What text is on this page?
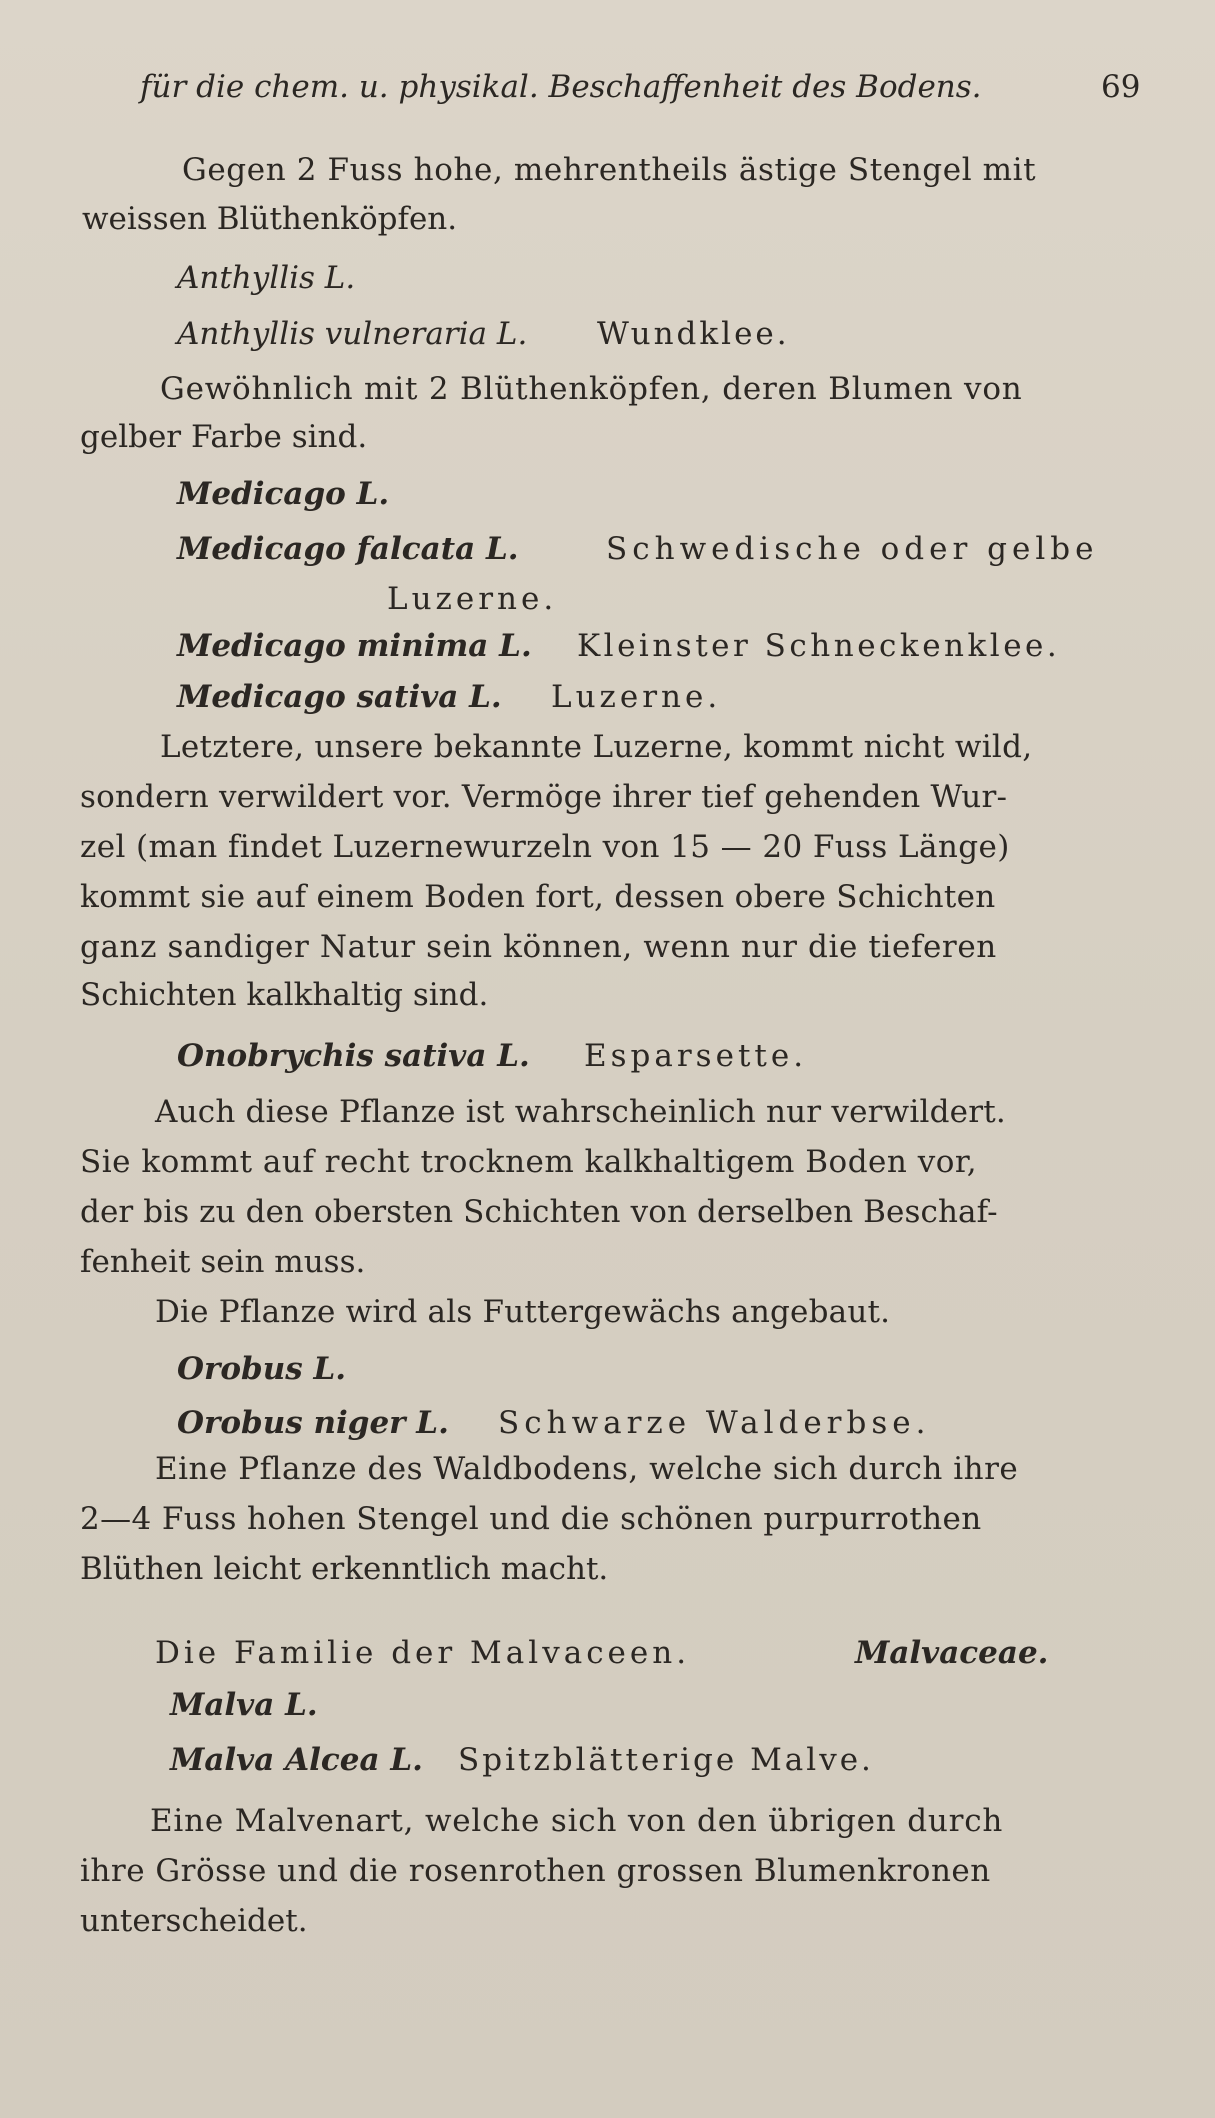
für die chem. u. physikal. Beschaffenheit des Bodens.	69
Gegen 2 Fuss hohe, mehrentheils ästige Stengel mit
weissen Blüthenköpfen.
Anthyllis L.
Anthyllis vulneraria L. Wundklee.
Gewöhnlich mit 2 Blüthenköpfen, deren Blumen von
gelber Farbe sind.
Medicago L.
Medicago falcata L.	Schwedische oder gelbe
Luzerne.
Medicago minima L. Kleinster Schneckenklee.
Medicago sativa L. Luzerne.
Letztere, unsere bekannte Luzerne, kommt nicht wild,
sondern verwildert vor. Vermöge ihrer tief gehenden Wur-
zel (man findet Luzernewurzeln von 15 — 20 Fuss Länge)
kommt sie auf einem Boden fort, dessen obere Schichten
ganz sandiger Natur sein können, wenn nur die tieferen
Schichten kalkhaltig sind.
Onobrychis sativa L. Esparsette.
Auch diese Pflanze ist wahrscheinlich nur verwildert.
Sie kommt auf recht trocknem kalkhaltigem Boden vor,
der bis zu den obersten Schichten von derselben Beschaf-
fenheit sein muss.
Die Pflanze wird als Futtergewächs angebaut.
Orobus L.
Orobus niger L. Schwarze Walderbse.
Eine Pflanze des Waldbodens, welche sich durch ihre
2—4 Fuss hohen Stengel und die schönen purpurrothen
Blüthen leicht erkenntlich macht.
Die Familie der Malvaceen.	Malvaceae.
Malva L.
Malva Alcea L. Spitzblätterige Malve.
Eine Malvenart, welche sich von den übrigen durch
ihre Grösse und die rosenrothen grossen Blumenkronen
unterscheidet.
